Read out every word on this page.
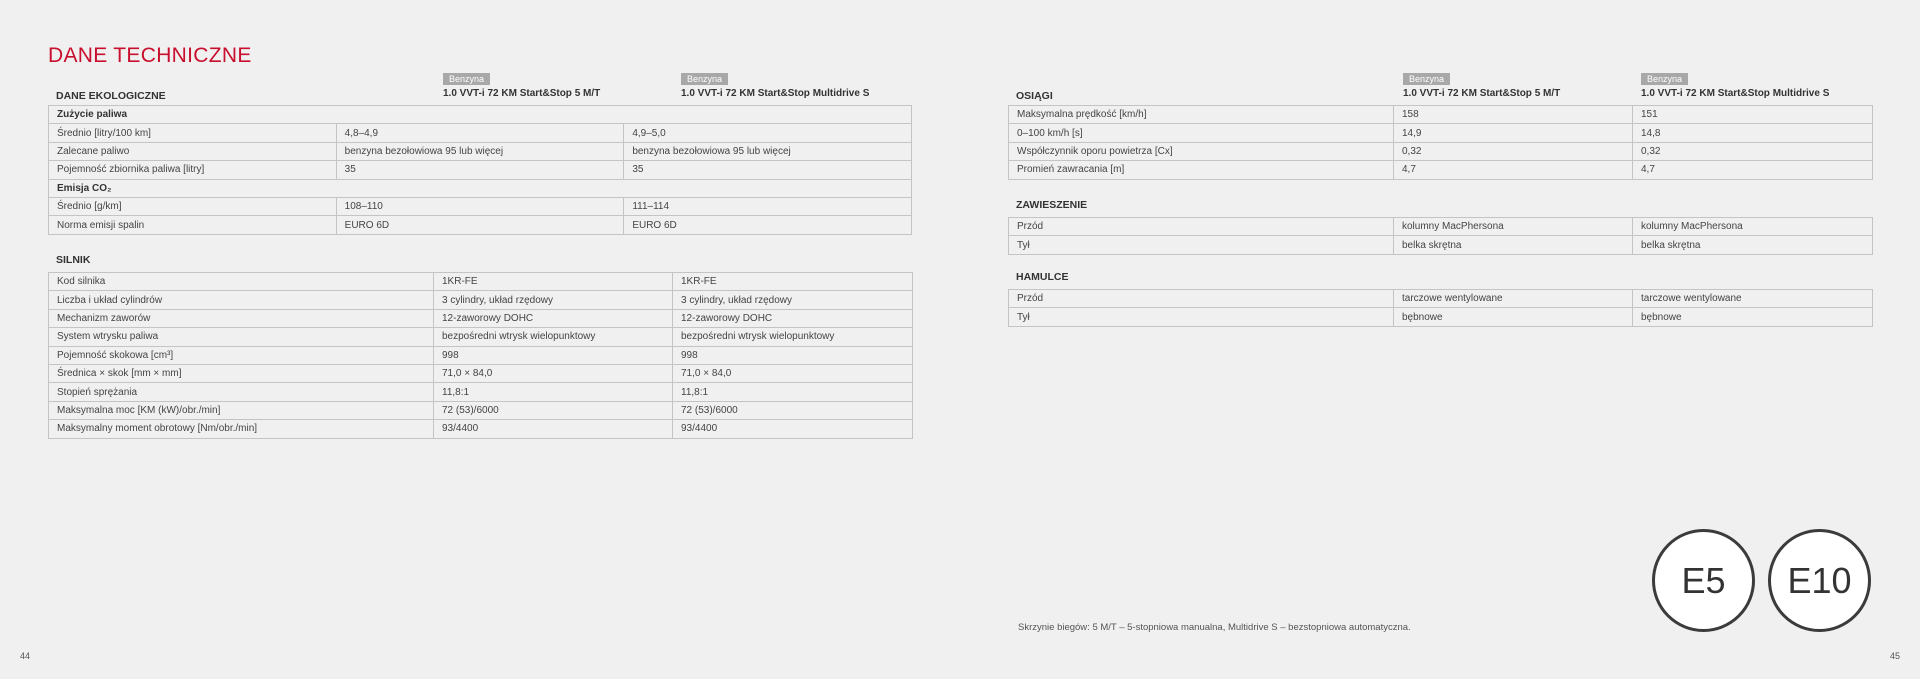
DANE TECHNICZNE
Benzyna
1.0 VVT-i 72 KM Start&Stop 5 M/T
Benzyna
1.0 VVT-i 72 KM Start&Stop Multidrive S
Benzyna
1.0 VVT-i 72 KM Start&Stop 5 M/T
Benzyna
1.0 VVT-i 72 KM Start&Stop Multidrive S
DANE EKOLOGICZNE
Zużycie paliwa		
Średnio [litry/100 km]	4,8–4,9	4,9–5,0
Zalecane paliwo	benzyna bezołowiowa 95 lub więcej	benzyna bezołowiowa 95 lub więcej
Pojemność zbiornika paliwa [litry]	35	35
Emisja CO₂		
Średnio [g/km]	108–110	111–114
Norma emisji spalin	EURO 6D	EURO 6D
SILNIK
Kod silnika	1KR-FE	1KR-FE
Liczba i układ cylindrów	3 cylindry, układ rzędowy	3 cylindry, układ rzędowy
Mechanizm zaworów	12-zaworowy DOHC	12-zaworowy DOHC
System wtrysku paliwa	bezpośredni wtrysk wielopunktowy	bezpośredni wtrysk wielopunktowy
Pojemność skokowa [cm³]	998	998
Średnica × skok [mm × mm]	71,0 × 84,0	71,0 × 84,0
Stopień sprężania	11,8:1	11,8:1
Maksymalna moc [KM (kW)/obr./min]	72 (53)/6000	72 (53)/6000
Maksymalny moment obrotowy [Nm/obr./min]	93/4400	93/4400
OSIĄGI
Maksymalna prędkość [km/h]	158	151
0–100 km/h [s]	14,9	14,8
Współczynnik oporu powietrza [Cx]	0,32	0,32
Promień zawracania [m]	4,7	4,7
ZAWIESZENIE
Przód	kolumny MacPhersona	kolumny MacPhersona
Tył	belka skrętna	belka skrętna
HAMULCE
Przód	tarczowe wentylowane	tarczowe wentylowane
Tył	bębnowe	bębnowe
E5	E10
Skrzynie biegów: 5 M/T – 5-stopniowa manualna, Multidrive S – bezstopniowa automatyczna.
44	45
